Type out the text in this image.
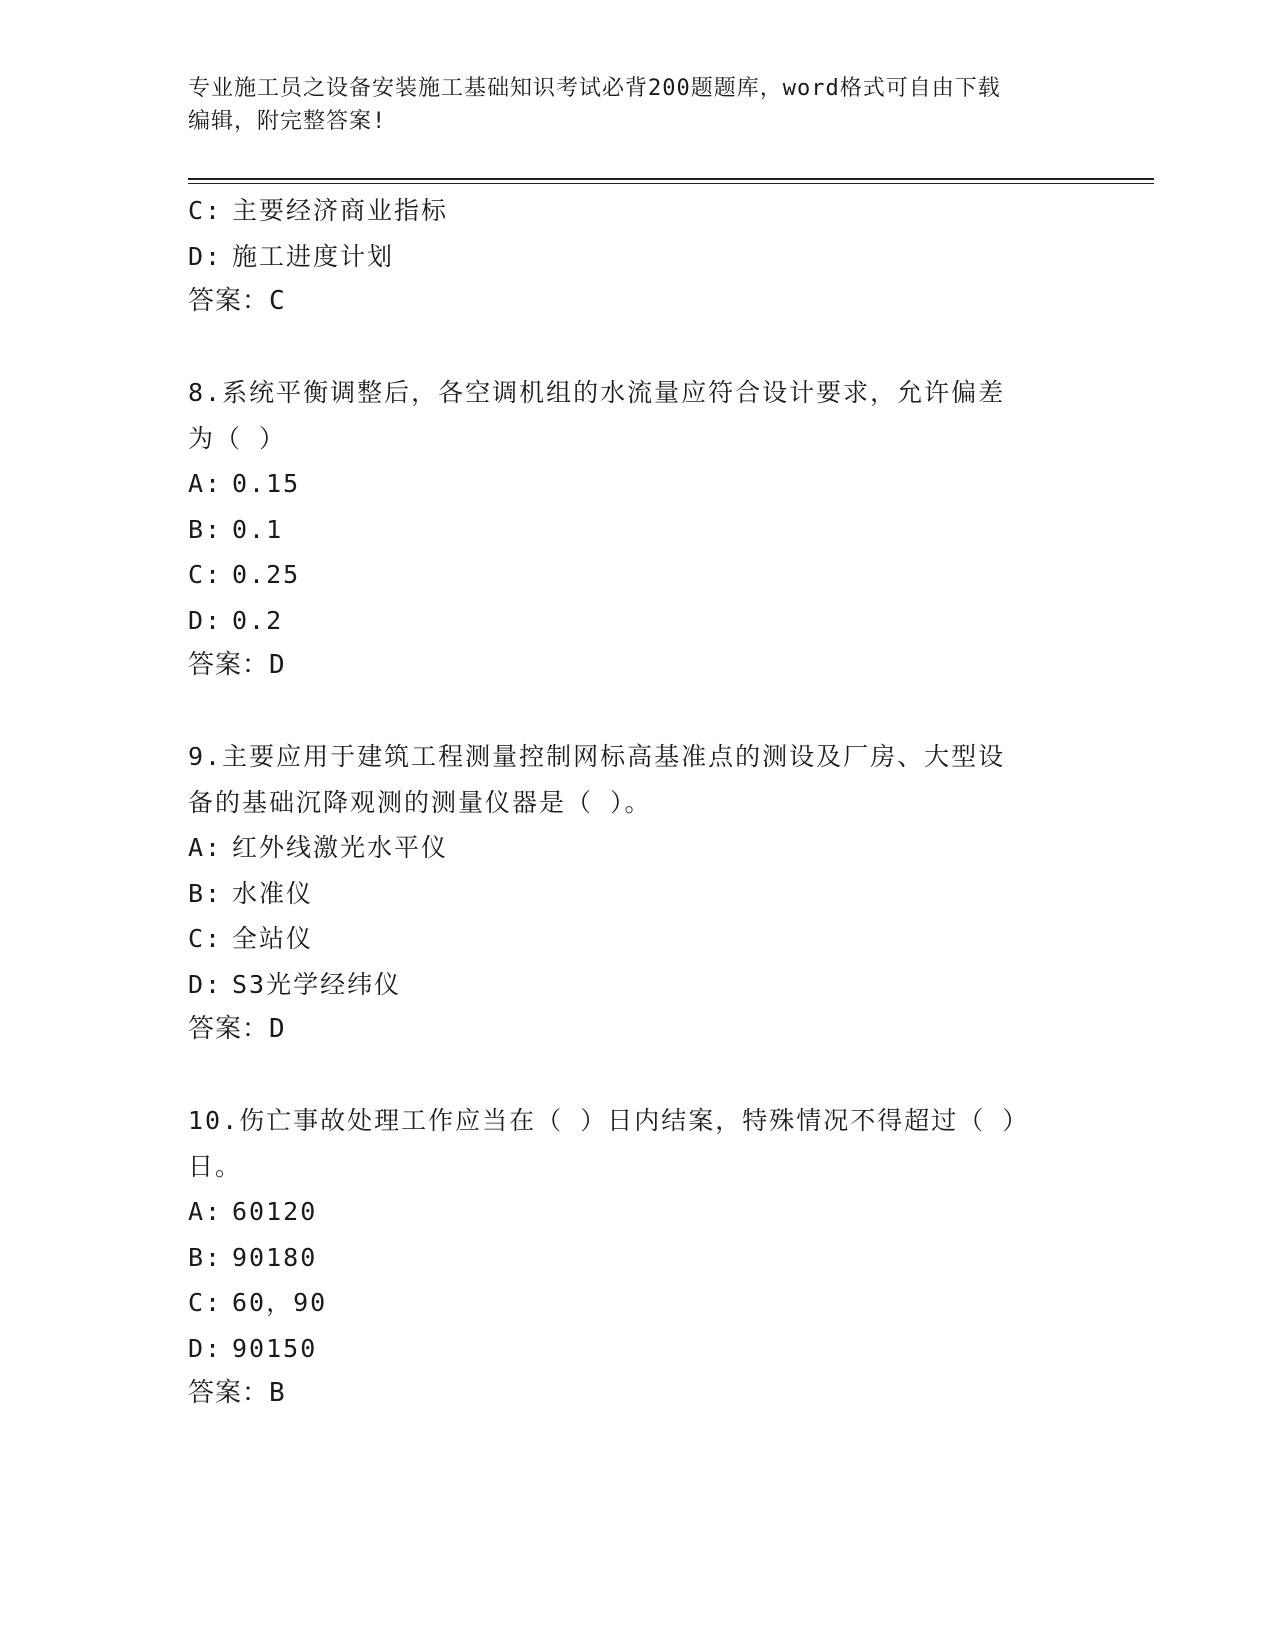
专业施工员之设备安装施工基础知识考试必背200题题库，word格式可自由下载
编辑，附完整答案!
C: 主要经济商业指标
D: 施工进度计划
答案：C
8.系统平衡调整后，各空调机组的水流量应符合设计要求，允许偏差
为（ ）
A: 0.15
B: 0.1
C: 0.25
D: 0.2
答案：D
9.主要应用于建筑工程测量控制网标高基准点的测设及厂房、大型设
备的基础沉降观测的测量仪器是（ ）。
A: 红外线激光水平仪
B: 水准仪
C: 全站仪
D: S3光学经纬仪
答案：D
10.伤亡事故处理工作应当在（ ）日内结案，特殊情况不得超过（ ）
日。
A: 60120
B: 90180
C: 60，90
D: 90150
答案：B
